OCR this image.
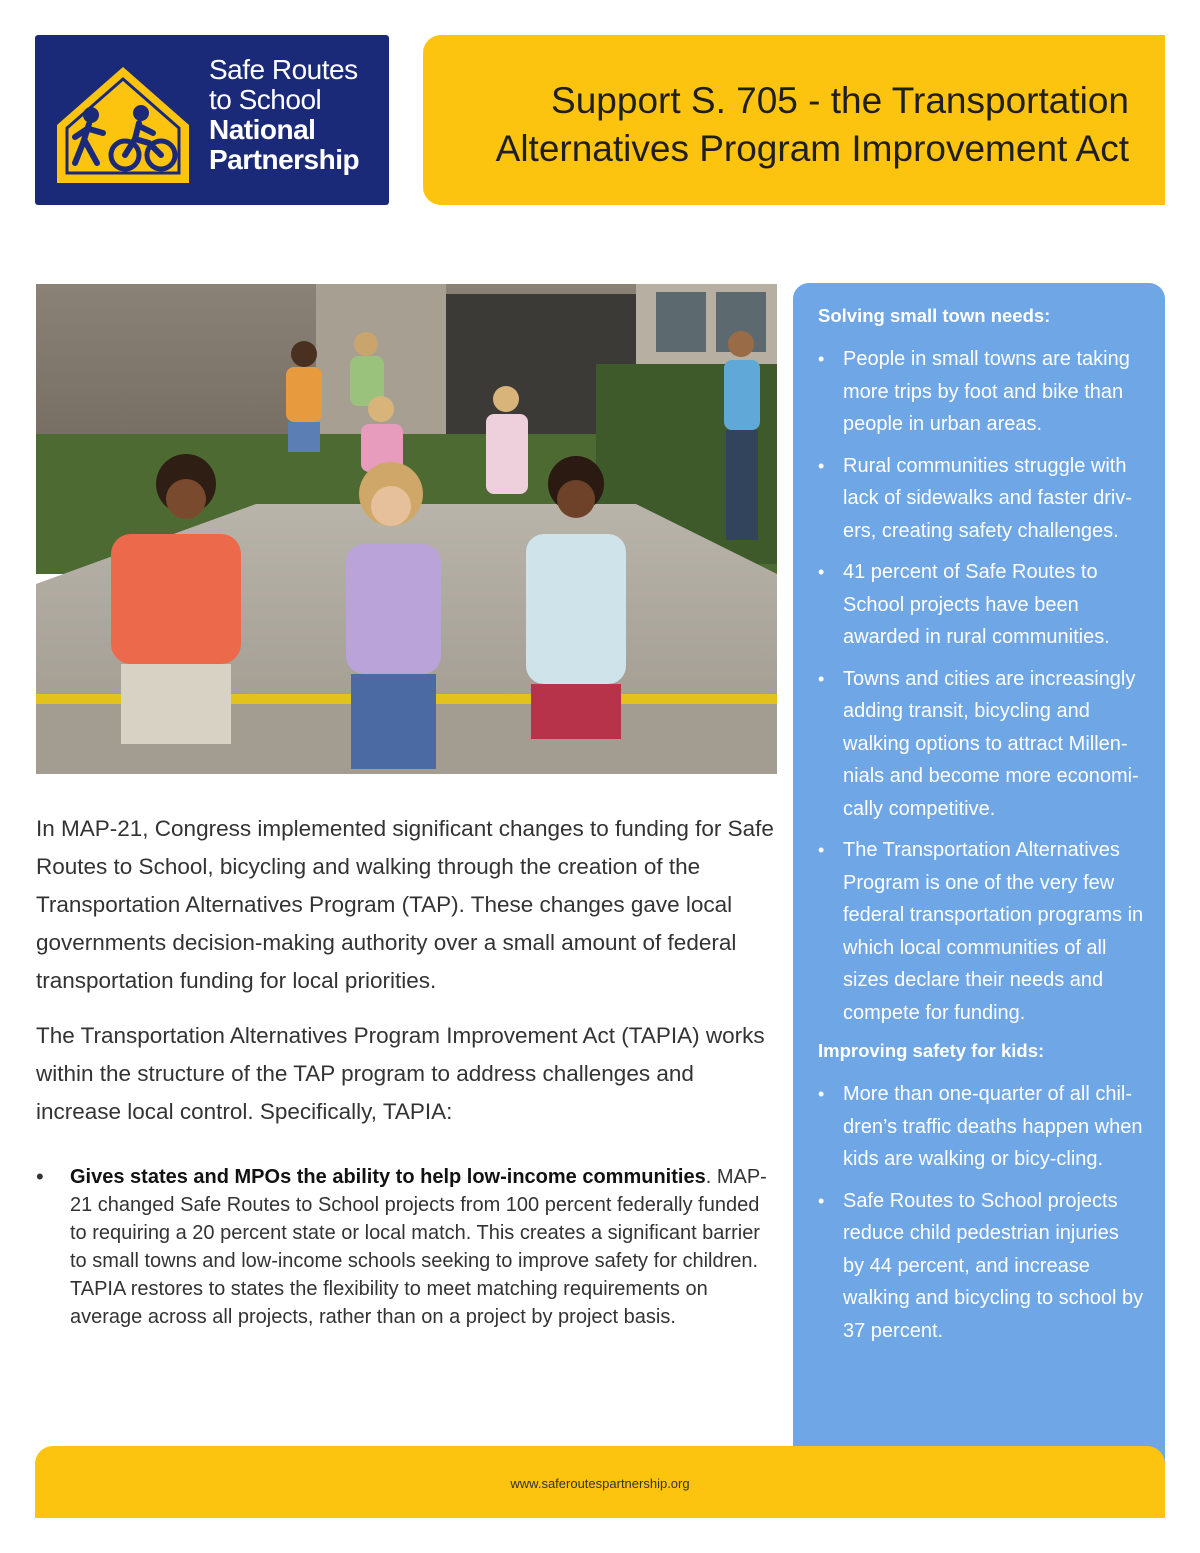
Safe Routes
to School
National
Partnership
Support S. 705 - the Transportation
Alternatives Program Improvement Act

In MAP-21, Congress implemented significant changes to funding for Safe Routes to School, bicycling and walking through the creation of the Transportation Alternatives Program (TAP). These changes gave local governments decision-making authority over a small amount of federal transportation funding for local priorities.

The Transportation Alternatives Program Improvement Act (TAPIA) works within the structure of the TAP program to address challenges and increase local control. Specifically, TAPIA:

• Gives states and MPOs the ability to help low-income communities. MAP-21 changed Safe Routes to School projects from 100 percent federally funded to requiring a 20 percent state or local match. This creates a significant barrier to small towns and low-income schools seeking to improve safety for children. TAPIA restores to states the flexibility to meet matching requirements on average across all projects, rather than on a project by project basis.
Solving small town needs:
• People in small towns are taking more trips by foot and bike than people in urban areas.
• Rural communities struggle with lack of sidewalks and faster driv-ers, creating safety challenges.
• 41 percent of Safe Routes to School projects have been awarded in rural communities.
• Towns and cities are increasingly adding transit, bicycling and walking options to attract Millen-nials and become more economi-cally competitive.
• The Transportation Alternatives Program is one of the very few federal transportation programs in which local communities of all sizes declare their needs and compete for funding.
Improving safety for kids:
• More than one-quarter of all chil-dren’s traffic deaths happen when kids are walking or bicy-cling.
• Safe Routes to School projects reduce child pedestrian injuries by 44 percent, and increase walking and bicycling to school by 37 percent.
www.saferoutespartnership.org
